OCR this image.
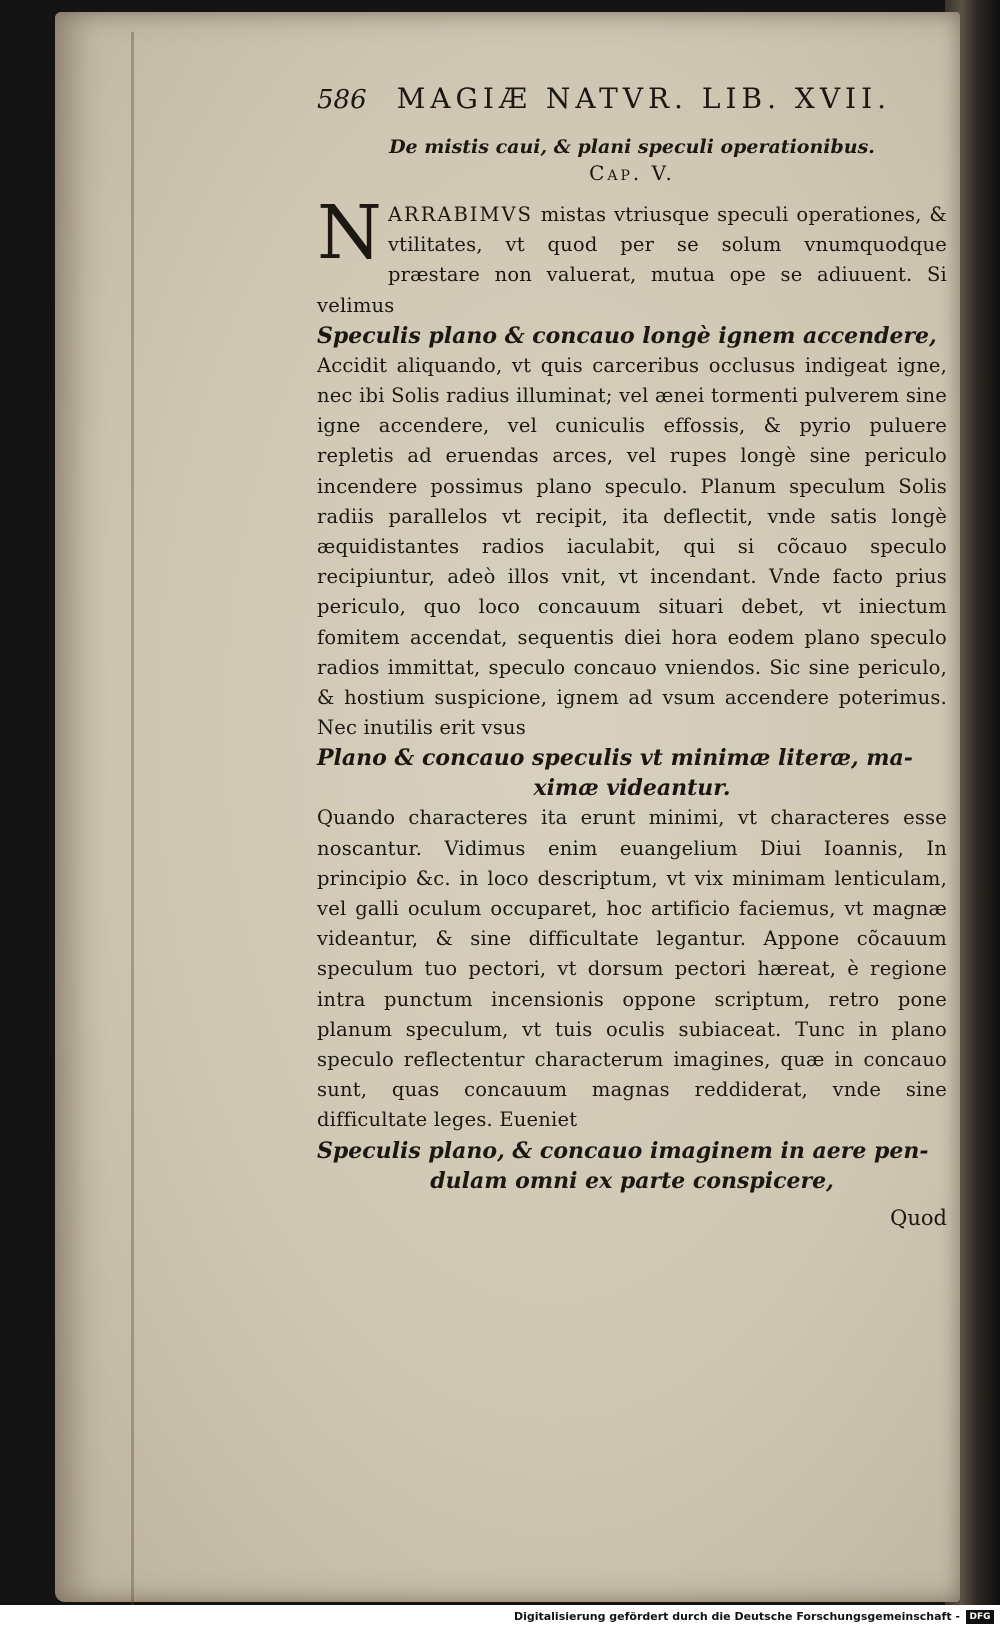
586 MAGIÆ NATVR. LIB. XVII.
De mistis caui, & plani speculi operationibus.
Cap. V.

N ARRABIMVS mistas vtriusque speculi operationes, & vtilitates, vt quod per se solum vnumquodque præstare non valuerat, mutua ope se adiuuent. Si velimus

Speculis plano & concauo longè ignem accendere,

Accidit aliquando, vt quis carceribus occlusus indigeat igne, nec ibi Solis radius illuminat; vel ænei tormenti pulverem sine igne accendere, vel cuniculis effossis, & pyrio puluere repletis ad eruendas arces, vel rupes longè sine periculo incendere possimus plano speculo. Planum speculum Solis radiis parallelos vt recipit, ita deflectit, vnde satis longè æquidistantes radios iaculabit, qui si cõcauo speculo recipiuntur, adeò illos vnit, vt incendant. Vnde facto prius periculo, quo loco concauum situari debet, vt iniectum fomitem accendat, sequentis diei hora eodem plano speculo radios immittat, speculo concauo vniendos. Sic sine periculo, & hostium suspicione, ignem ad vsum accendere poterimus. Nec inutilis erit vsus

Plano & concauo speculis vt minimæ literæ, ma-

ximæ videantur.

Quando characteres ita erunt minimi, vt characteres esse noscantur. Vidimus enim euangelium Diui Ioannis, In principio &c. in loco descriptum, vt vix minimam lenticulam, vel galli oculum occuparet, hoc artificio faciemus, vt magnæ videantur, & sine difficultate legantur. Appone cõcauum speculum tuo pectori, vt dorsum pectori hæreat, è regione intra punctum incensionis oppone scriptum, retro pone planum speculum, vt tuis oculis subiaceat. Tunc in plano speculo reflectentur characterum imagines, quæ in concauo sunt, quas concauum magnas reddiderat, vnde sine difficultate leges. Eueniet

Speculis plano, & concauo imaginem in aere pen-

dulam omni ex parte conspicere,

Quod
Digitalisierung gefördert durch die Deutsche Forschungsgemeinschaft -	DFG
